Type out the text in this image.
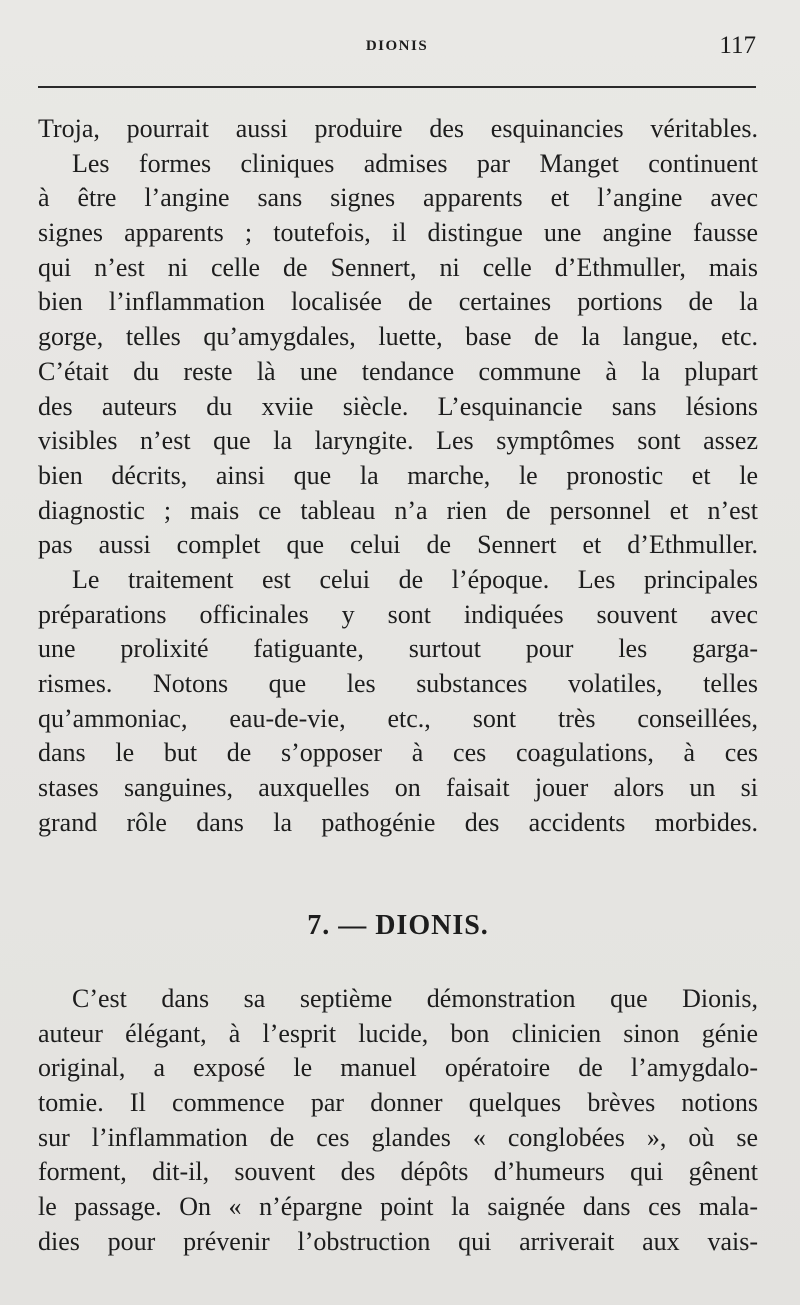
DIONIS	117
Troja, pourrait aussi produire des esquinancies véritables.
Les formes cliniques admises par Manget continuent
à être l’angine sans signes apparents et l’angine avec
signes apparents ; toutefois, il distingue une angine fausse
qui n’est ni celle de Sennert, ni celle d’Ethmuller, mais
bien l’inflammation localisée de certaines portions de la
gorge, telles qu’amygdales, luette, base de la langue, etc.
C’était du reste là une tendance commune à la plupart
des auteurs du xviie siècle. L’esquinancie sans lésions
visibles n’est que la laryngite. Les symptômes sont assez
bien décrits, ainsi que la marche, le pronostic et le
diagnostic ; mais ce tableau n’a rien de personnel et n’est
pas aussi complet que celui de Sennert et d’Ethmuller.
Le traitement est celui de l’époque. Les principales
préparations officinales y sont indiquées souvent avec
une prolixité fatiguante, surtout pour les garga-
rismes. Notons que les substances volatiles, telles
qu’ammoniac, eau-de-vie, etc., sont très conseillées,
dans le but de s’opposer à ces coagulations, à ces
stases sanguines, auxquelles on faisait jouer alors un si
grand rôle dans la pathogénie des accidents morbides.
7. — DIONIS.
C’est dans sa septième démonstration que Dionis,
auteur élégant, à l’esprit lucide, bon clinicien sinon génie
original, a exposé le manuel opératoire de l’amygdalo-
tomie. Il commence par donner quelques brèves notions
sur l’inflammation de ces glandes « conglobées », où se
forment, dit-il, souvent des dépôts d’humeurs qui gênent
le passage. On « n’épargne point la saignée dans ces mala-
dies pour prévenir l’obstruction qui arriverait aux vais-
